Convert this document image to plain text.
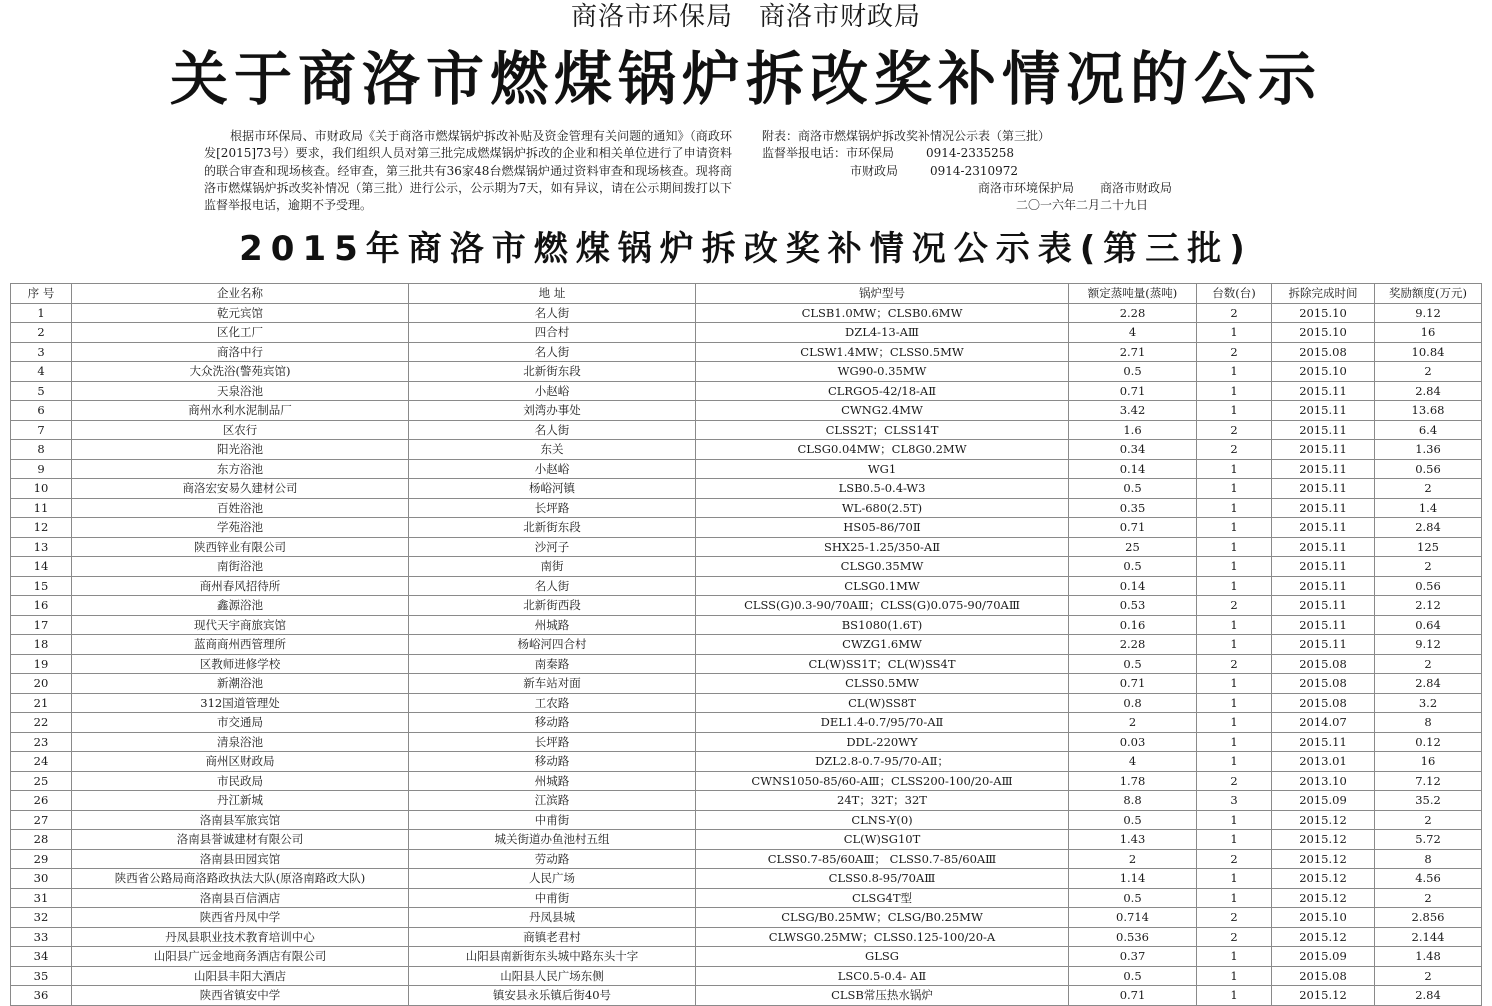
商洛市环保局 商洛市财政局
关于商洛市燃煤锅炉拆改奖补情况的公示

根据市环保局、市财政局《关于商洛市燃煤锅炉拆改补贴及资金管理有关问题的通知》（商政环发[2015]73号）要求，我们组织人员对第三批完成燃煤锅炉拆改的企业和相关单位进行了申请资料的联合审查和现场核查。经审查，第三批共有36家48台燃煤锅炉通过资料审查和现场核查。现将商洛市燃煤锅炉拆改奖补情况（第三批）进行公示，公示期为7天，如有异议，请在公示期间拨打以下监督举报电话，逾期不予受理。

附表：商洛市燃煤锅炉拆改奖补情况公示表（第三批）
监督举报电话：市环保局	0914-2335258
市财政局	0914-2310972
商洛市环境保护局 商洛市财政局
二〇一六年二月二十九日
2015年商洛市燃煤锅炉拆改奖补情况公示表(第三批)
序 号	企业名称	地 址	锅炉型号	额定蒸吨量(蒸吨)	台数(台)	拆除完成时间	奖励额度(万元)
1	乾元宾馆	名人街	CLSB1.0MW；CLSB0.6MW	2.28	2	2015.10	9.12
2	区化工厂	四合村	DZL4-13-AⅢ	4	1	2015.10	16
3	商洛中行	名人街	CLSW1.4MW；CLSS0.5MW	2.71	2	2015.08	10.84
4	大众洗浴(警苑宾馆)	北新街东段	WG90-0.35MW	0.5	1	2015.10	2
5	天泉浴池	小赵峪	CLRGO5-42/18-AⅡ	0.71	1	2015.11	2.84
6	商州水利水泥制品厂	刘湾办事处	CWNG2.4MW	3.42	1	2015.11	13.68
7	区农行	名人街	CLSS2T；CLSS14T	1.6	2	2015.11	6.4
8	阳光浴池	东关	CLSG0.04MW；CL8G0.2MW	0.34	2	2015.11	1.36
9	东方浴池	小赵峪	WG1	0.14	1	2015.11	0.56
10	商洛宏安易久建材公司	杨峪河镇	LSB0.5-0.4-W3	0.5	1	2015.11	2
11	百姓浴池	长坪路	WL-680(2.5T)	0.35	1	2015.11	1.4
12	学苑浴池	北新街东段	HS05-86/70Ⅱ	0.71	1	2015.11	2.84
13	陕西锌业有限公司	沙河子	SHX25-1.25/350-AⅡ	25	1	2015.11	125
14	南街浴池	南街	CLSG0.35MW	0.5	1	2015.11	2
15	商州春风招待所	名人街	CLSG0.1MW	0.14	1	2015.11	0.56
16	鑫源浴池	北新街西段	CLSS(G)0.3-90/70AⅢ；CLSS(G)0.075-90/70AⅢ	0.53	2	2015.11	2.12
17	现代天宇商旅宾馆	州城路	BS1080(1.6T)	0.16	1	2015.11	0.64
18	蓝商商州西管理所	杨峪河四合村	CWZG1.6MW	2.28	1	2015.11	9.12
19	区教师进修学校	南秦路	CL(W)SS1T；CL(W)SS4T	0.5	2	2015.08	2
20	新潮浴池	新车站对面	CLSS0.5MW	0.71	1	2015.08	2.84
21	312国道管理处	工农路	CL(W)SS8T	0.8	1	2015.08	3.2
22	市交通局	移动路	DEL1.4-0.7/95/70-AⅡ	2	1	2014.07	8
23	清泉浴池	长坪路	DDL-220WY	0.03	1	2015.11	0.12
24	商州区财政局	移动路	DZL2.8-0.7-95/70-AⅡ；	4	1	2013.01	16
25	市民政局	州城路	CWNS1050-85/60-AⅢ；CLSS200-100/20-AⅢ	1.78	2	2013.10	7.12
26	丹江新城	江滨路	24T；32T；32T	8.8	3	2015.09	35.2
27	洛南县军旅宾馆	中甫街	CLNS-Y(0)	0.5	1	2015.12	2
28	洛南县誉诚建材有限公司	城关街道办鱼池村五组	CL(W)SG10T	1.43	1	2015.12	5.72
29	洛南县田园宾馆	劳动路	CLSS0.7-85/60AⅢ； CLSS0.7-85/60AⅢ	2	2	2015.12	8
30	陕西省公路局商洛路政执法大队(原洛南路政大队)	人民广场	CLSS0.8-95/70AⅢ	1.14	1	2015.12	4.56
31	洛南县百信酒店	中甫街	CLSG4T型	0.5	1	2015.12	2
32	陕西省丹凤中学	丹凤县城	CLSG/B0.25MW；CLSG/B0.25MW	0.714	2	2015.10	2.856
33	丹凤县职业技术教育培训中心	商镇老君村	CLWSG0.25MW；CLSS0.125-100/20-A	0.536	2	2015.12	2.144
34	山阳县广远金地商务酒店有限公司	山阳县南新街东头城中路东头十字	GLSG	0.37	1	2015.09	1.48
35	山阳县丰阳大酒店	山阳县人民广场东侧	LSC0.5-0.4- AⅡ	0.5	1	2015.08	2
36	陕西省镇安中学	镇安县永乐镇后街40号	CLSB常压热水锅炉	0.71	1	2015.12	2.84
